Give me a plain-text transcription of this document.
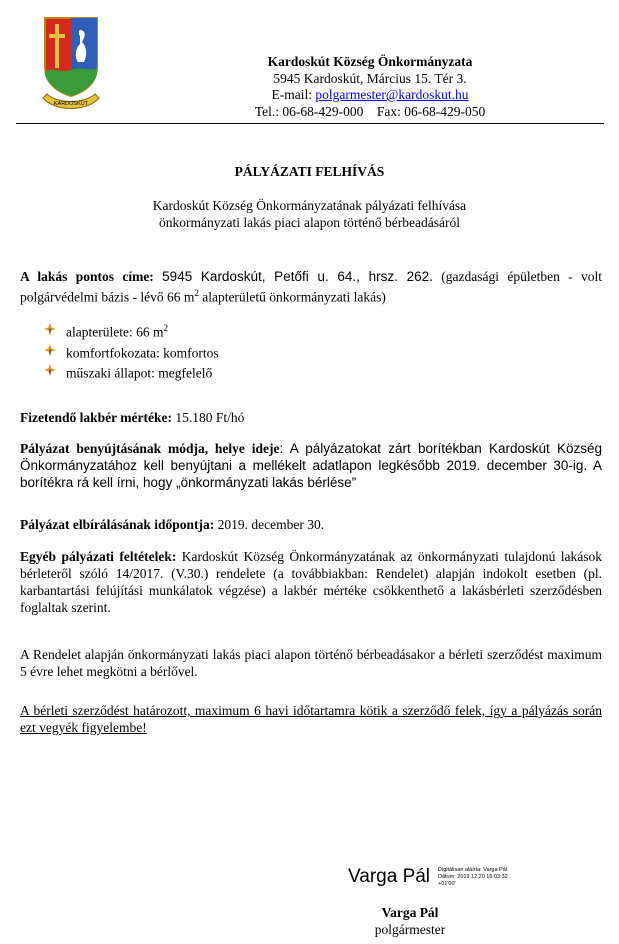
KARDOSKÚT
Kardoskút Község Önkormányzata
5945 Kardoskút, Március 15. Tér 3.
E-mail: polgarmester@kardoskut.hu
Tel.: 06-68-429-000    Fax: 06-68-429-050
PÁLYÁZATI FELHÍVÁS
Kardoskút Község Önkormányzatának pályázati felhívása
önkormányzati lakás piaci alapon történő bérbeadásáról

A lakás pontos címe: 5945 Kardoskút, Petőfi u. 64., hrsz. 262. (gazdasági épületben - volt polgárvédelmi bázis - lévő 66 $m^2$ alapterületű önkormányzati lakás)

alapterülete: 66 $m^2$
komfortfokozata: komfortos
műszaki állapot: megfelelő

Fizetendő lakbér mértéke: 15.180 Ft/hó

Pályázat benyújtásának módja, helye ideje: A pályázatokat zárt borítékban Kardoskút Község Önkormányzatához kell benyújtani a mellékelt adatlapon legkésőbb 2019. december 30-ig. A borítékra rá kell írni, hogy „önkormányzati lakás bérlése”

Pályázat elbírálásának időpontja: 2019. december 30.

Egyéb pályázati feltételek: Kardoskút Község Önkormányzatának az önkormányzati tulajdonú lakások bérleteről szóló 14/2017. (V.30.) rendelete (a továbbiakban: Rendelet) alapján indokolt esetben (pl. karbantartási felújítási munkálatok végzése) a lakbér mértéke csökkenthető a lakásbérleti szerződésben foglaltak szerint.

A Rendelet alapján önkormányzati lakás piaci alapon történő bérbeadásakor a bérleti szerződést maximum 5 évre lehet megkötni a bérlővel.

A bérleti szerződést határozott, maximum 6 havi időtartamra kötik a szerződő felek, így a pályázás során ezt vegyék figyelembe!

Varga Pál Digitálisan aláírta: Varga Pál
Dátum: 2019.12.20 16:03:32
+01'00'
Varga Pál
polgármester
